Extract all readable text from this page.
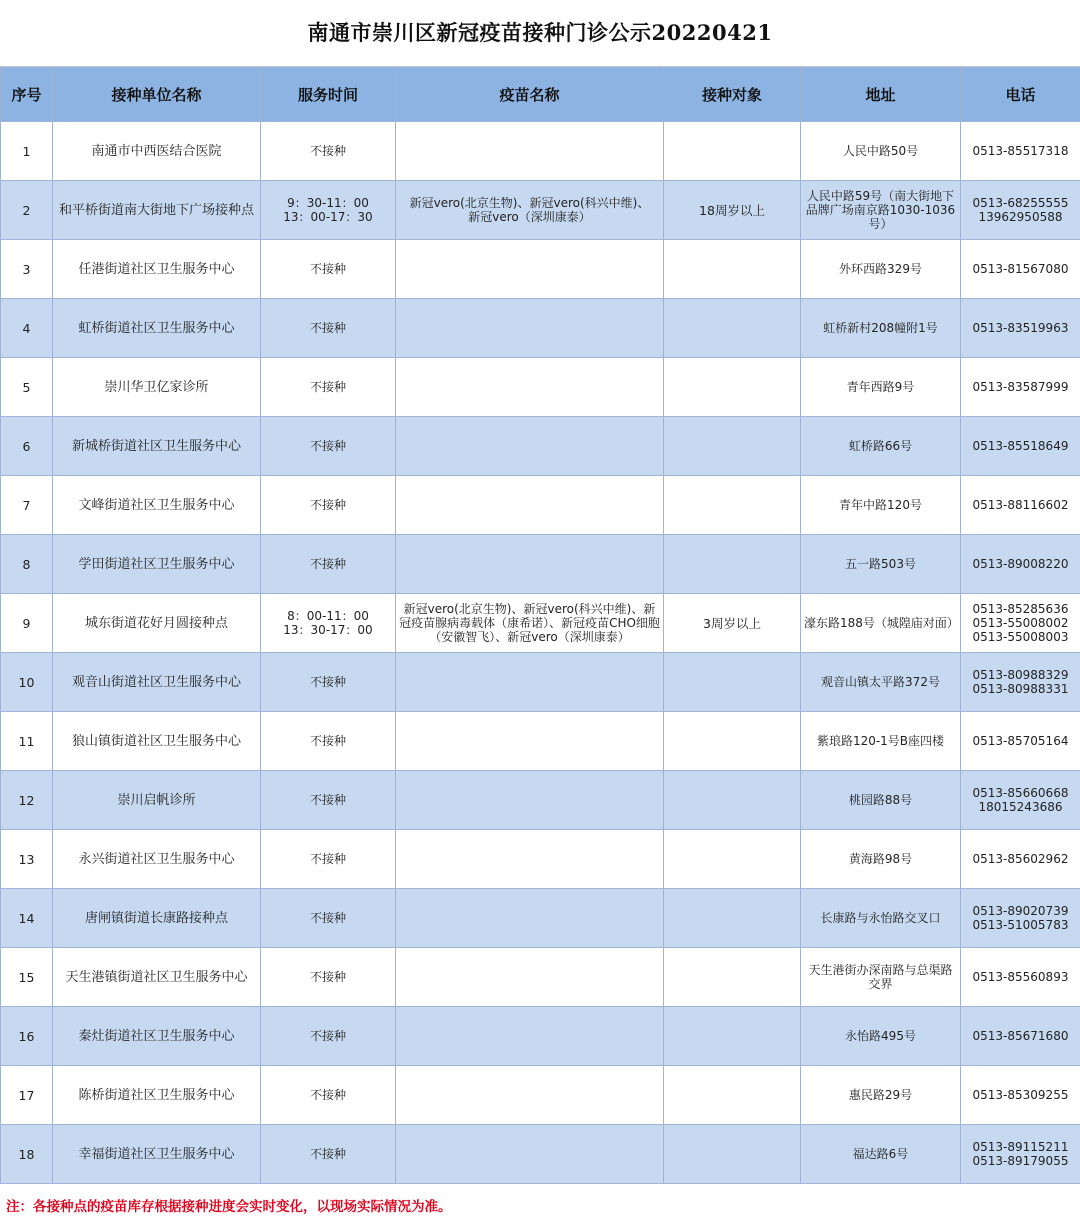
南通市崇川区新冠疫苗接种门诊公示20220421
序号	接种单位名称	服务时间	疫苗名称	接种对象	地址	电话
1	南通市中西医结合医院	不接种			人民中路50号	0513-85517318
2	和平桥街道南大街地下广场接种点	9：30-11：00
13：00-17：30	新冠vero(北京生物)、新冠vero(科兴中维)、
新冠vero（深圳康泰）	18周岁以上	人民中路59号（南大街地下品牌广场南京路1030-1036号）	0513-68255555
13962950588
3	任港街道社区卫生服务中心	不接种			外环西路329号	0513-81567080
4	虹桥街道社区卫生服务中心	不接种			虹桥新村208幢附1号	0513-83519963
5	崇川华卫亿家诊所	不接种			青年西路9号	0513-83587999
6	新城桥街道社区卫生服务中心	不接种			虹桥路66号	0513-85518649
7	文峰街道社区卫生服务中心	不接种			青年中路120号	0513-88116602
8	学田街道社区卫生服务中心	不接种			五一路503号	0513-89008220
9	城东街道花好月圆接种点	8：00-11：00
13：30-17：00	新冠vero(北京生物)、新冠vero(科兴中维)、新冠疫苗腺病毒载体（康希诺）、新冠疫苗CHO细胞（安徽智飞）、新冠vero（深圳康泰）	3周岁以上	濠东路188号（城隍庙对面）	0513-85285636
0513-55008002
0513-55008003
10	观音山街道社区卫生服务中心	不接种			观音山镇太平路372号	0513-80988329
0513-80988331
11	狼山镇街道社区卫生服务中心	不接种			紫琅路120-1号B座四楼	0513-85705164
12	崇川启帆诊所	不接种			桃园路88号	0513-85660668
18015243686
13	永兴街道社区卫生服务中心	不接种			黄海路98号	0513-85602962
14	唐闸镇街道长康路接种点	不接种			长康路与永怡路交叉口	0513-89020739
0513-51005783
15	天生港镇街道社区卫生服务中心	不接种			天生港街办深南路与总渠路交界	0513-85560893
16	秦灶街道社区卫生服务中心	不接种			永怡路495号	0513-85671680
17	陈桥街道社区卫生服务中心	不接种			惠民路29号	0513-85309255
18	幸福街道社区卫生服务中心	不接种			福达路6号	0513-89115211
0513-89179055
注：各接种点的疫苗库存根据接种进度会实时变化，以现场实际情况为准。
